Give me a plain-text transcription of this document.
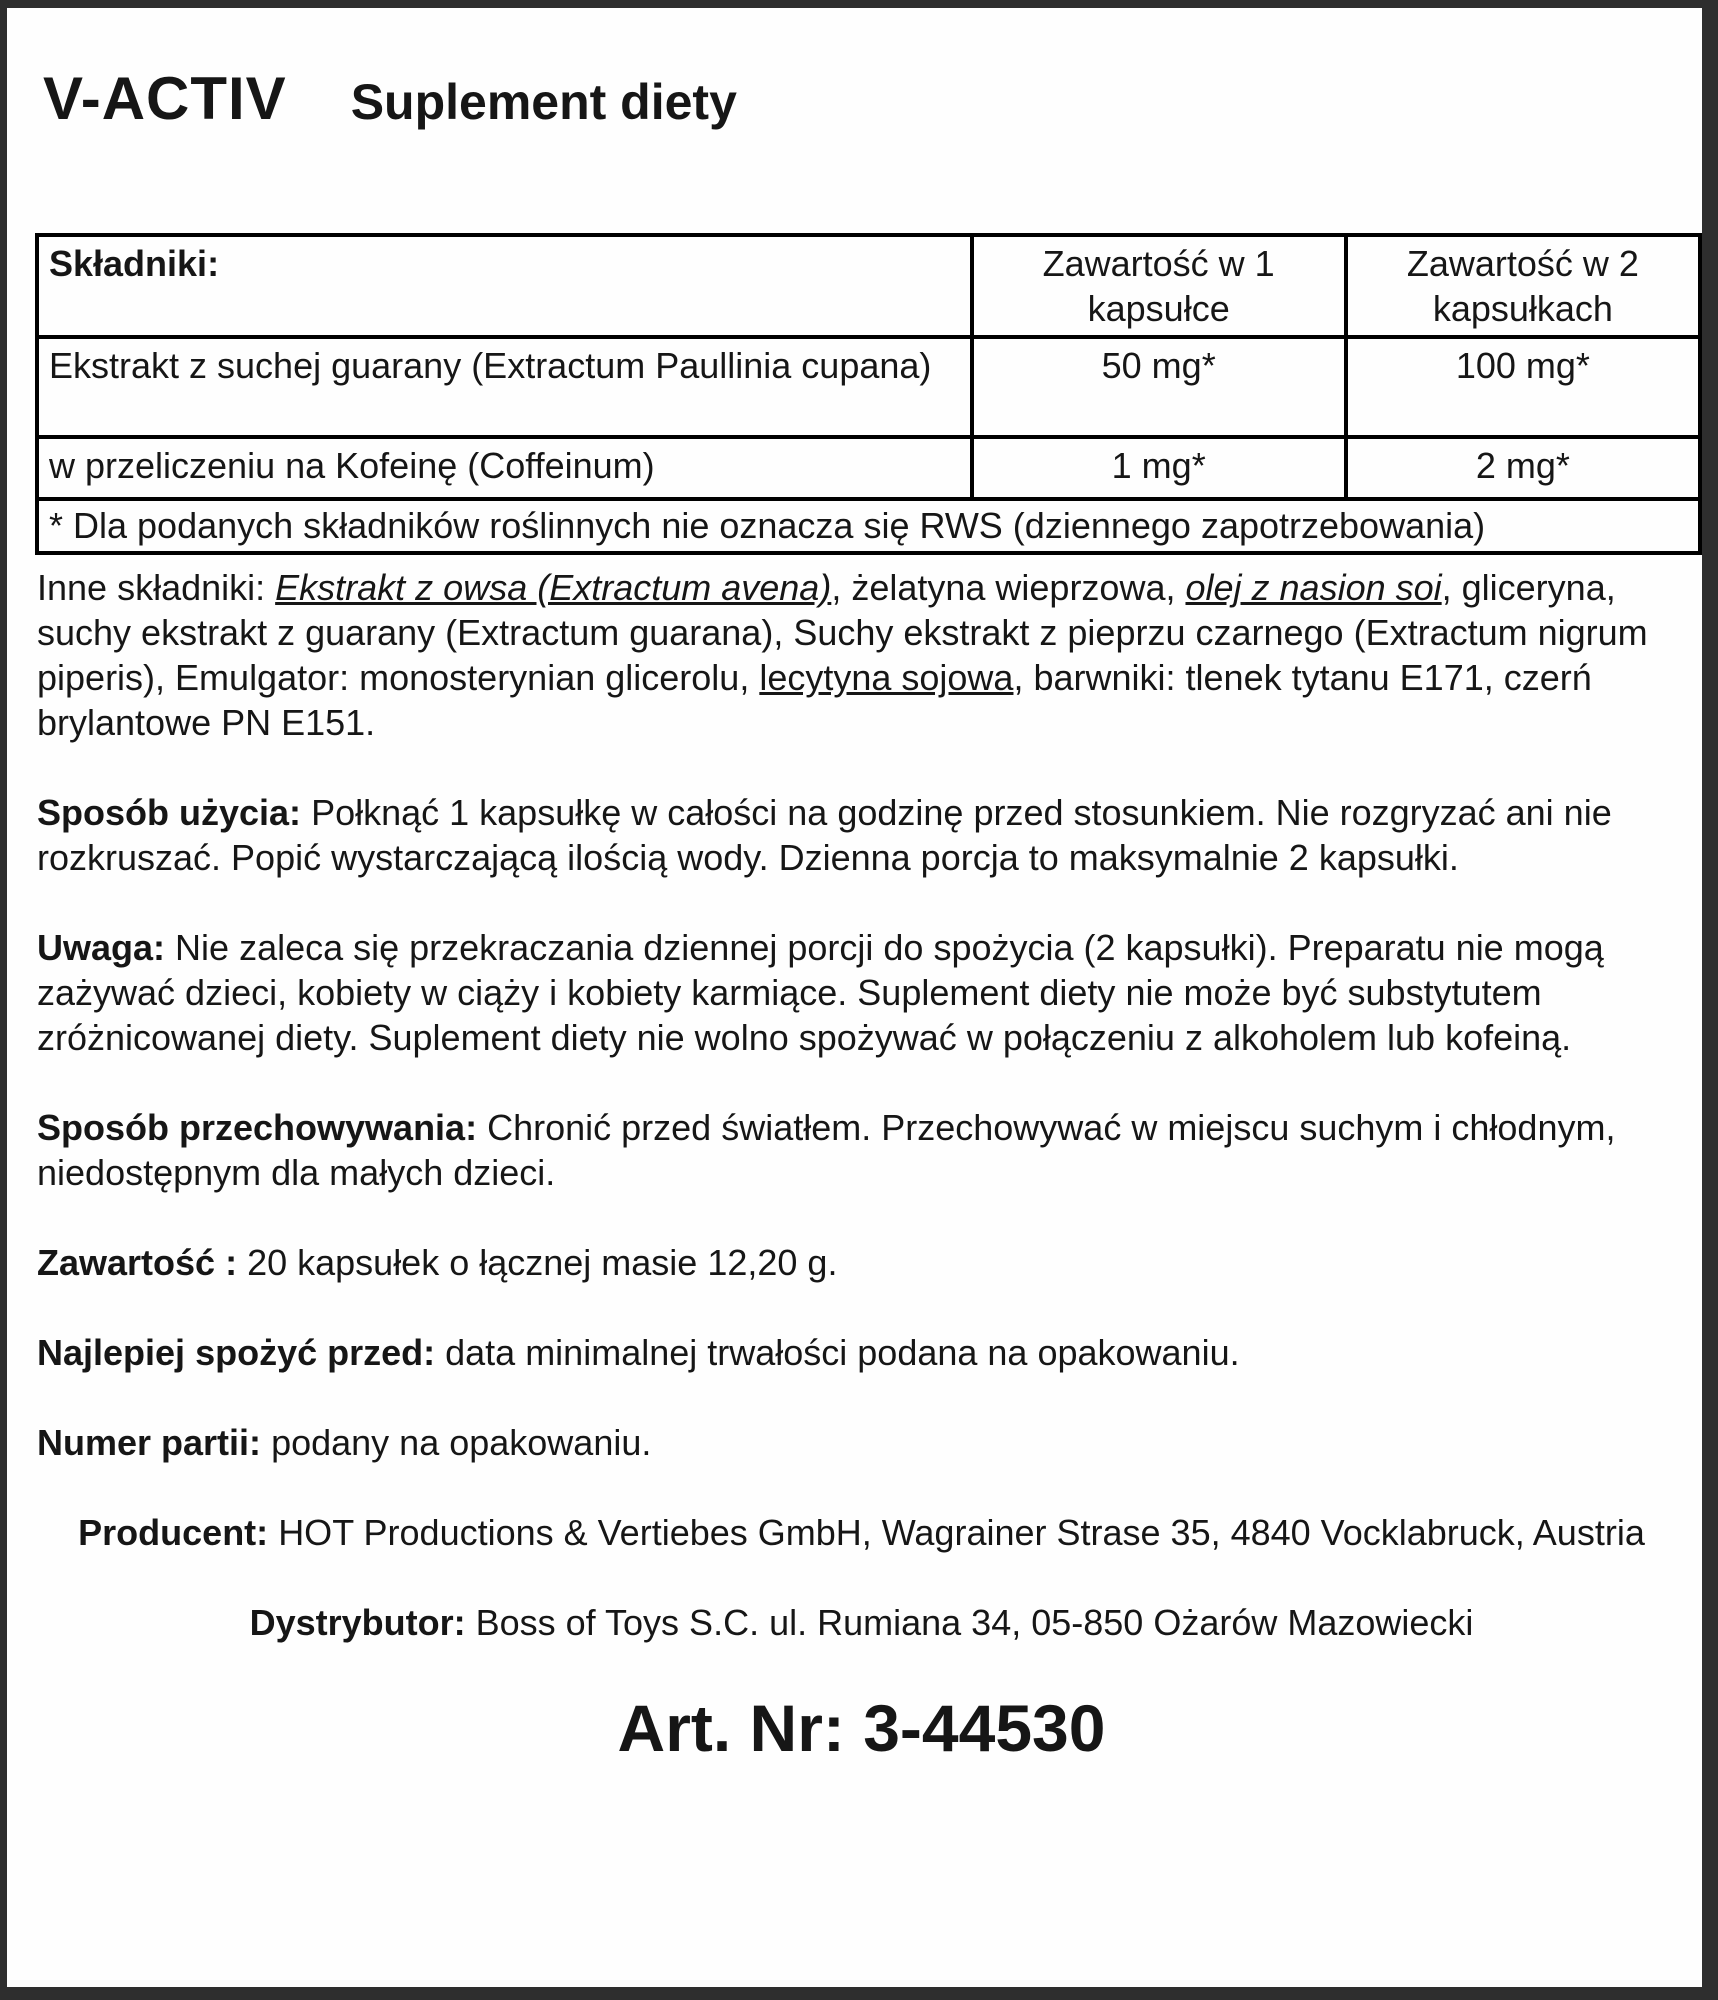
V-ACTIV Suplement diety
Składniki:	Zawartość w 1 kapsułce	Zawartość w 2 kapsułkach
Ekstrakt z suchej guarany (Extractum Paullinia cupana)	50 mg*	100 mg*
w przeliczeniu na Kofeinę (Coffeinum)	1 mg*	2 mg*
* Dla podanych składników roślinnych nie oznacza się RWS (dziennego zapotrzebowania)		

Inne składniki: Ekstrakt z owsa (Extractum avena), żelatyna wieprzowa, olej z nasion soi, gliceryna, suchy ekstrakt z guarany (Extractum guarana), Suchy ekstrakt z pieprzu czarnego (Extractum nigrum piperis), Emulgator: monosterynian glicerolu, lecytyna sojowa, barwniki: tlenek tytanu E171, czerń brylantowe PN E151.

Sposób użycia: Połknąć 1 kapsułkę w całości na godzinę przed stosunkiem. Nie rozgryzać ani nie rozkruszać. Popić wystarczającą ilością wody. Dzienna porcja to maksymalnie 2 kapsułki.

Uwaga: Nie zaleca się przekraczania dziennej porcji do spożycia (2 kapsułki). Preparatu nie mogą zażywać dzieci, kobiety w ciąży i kobiety karmiące. Suplement diety nie może być substytutem zróżnicowanej diety. Suplement diety nie wolno spożywać w połączeniu z alkoholem lub kofeiną.

Sposób przechowywania: Chronić przed światłem. Przechowywać w miejscu suchym i chłodnym, niedostępnym dla małych dzieci.

Zawartość : 20 kapsułek o łącznej masie 12,20 g.

Najlepiej spożyć przed: data minimalnej trwałości podana na opakowaniu.

Numer partii: podany na opakowaniu.

Producent: HOT Productions & Vertiebes GmbH, Wagrainer Strase 35, 4840 Vocklabruck, Austria

Dystrybutor: Boss of Toys S.C. ul. Rumiana 34, 05-850 Ożarów Mazowiecki

Art. Nr: 3-44530
